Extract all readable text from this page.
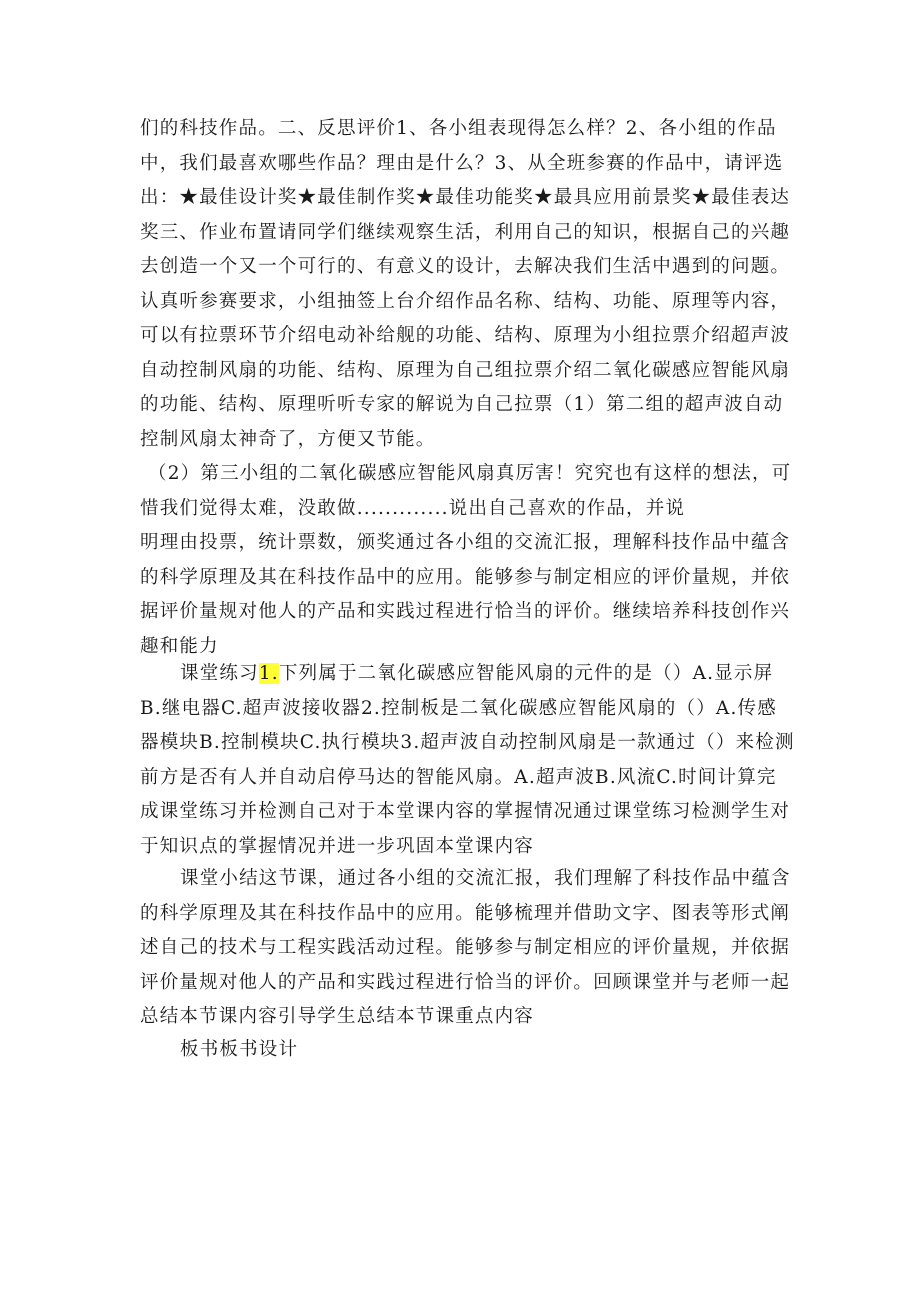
们的科技作品。二、反思评价1、各小组表现得怎么样？2、各小组的作品中，我们最喜欢哪些作品？理由是什么？3、从全班参赛的作品中，请评选出：★最佳设计奖★最佳制作奖★最佳功能奖★最具应用前景奖★最佳表达奖三、作业布置请同学们继续观察生活，利用自己的知识，根据自己的兴趣去创造一个又一个可行的、有意义的设计，去解决我们生活中遇到的问题。认真听参赛要求，小组抽签上台介绍作品名称、结构、功能、原理等内容，可以有拉票环节介绍电动补给舰的功能、结构、原理为小组拉票介绍超声波自动控制风扇的功能、结构、原理为自己组拉票介绍二氧化碳感应智能风扇的功能、结构、原理听听专家的解说为自己拉票（1）第二组的超声波自动控制风扇太神奇了，方便又节能。

（2）第三小组的二氧化碳感应智能风扇真厉害！究究也有这样的想法，可惜我们觉得太难，没敢做.............说出自己喜欢的作品，并说

明理由投票，统计票数，颁奖通过各小组的交流汇报，理解科技作品中蕴含的科学原理及其在科技作品中的应用。能够参与制定相应的评价量规，并依据评价量规对他人的产品和实践过程进行恰当的评价。继续培养科技创作兴趣和能力

课堂练习1.下列属于二氧化碳感应智能风扇的元件的是（）A.显示屏B.继电器C.超声波接收器2.控制板是二氧化碳感应智能风扇的（）A.传感器模块B.控制模块C.执行模块3.超声波自动控制风扇是一款通过（）来检测前方是否有人并自动启停马达的智能风扇。A.超声波B.风流C.时间计算完成课堂练习并检测自己对于本堂课内容的掌握情况通过课堂练习检测学生对于知识点的掌握情况并进一步巩固本堂课内容

课堂小结这节课，通过各小组的交流汇报，我们理解了科技作品中蕴含的科学原理及其在科技作品中的应用。能够梳理并借助文字、图表等形式阐述自己的技术与工程实践活动过程。能够参与制定相应的评价量规，并依据评价量规对他人的产品和实践过程进行恰当的评价。回顾课堂并与老师一起总结本节课内容引导学生总结本节课重点内容

板书板书设计
